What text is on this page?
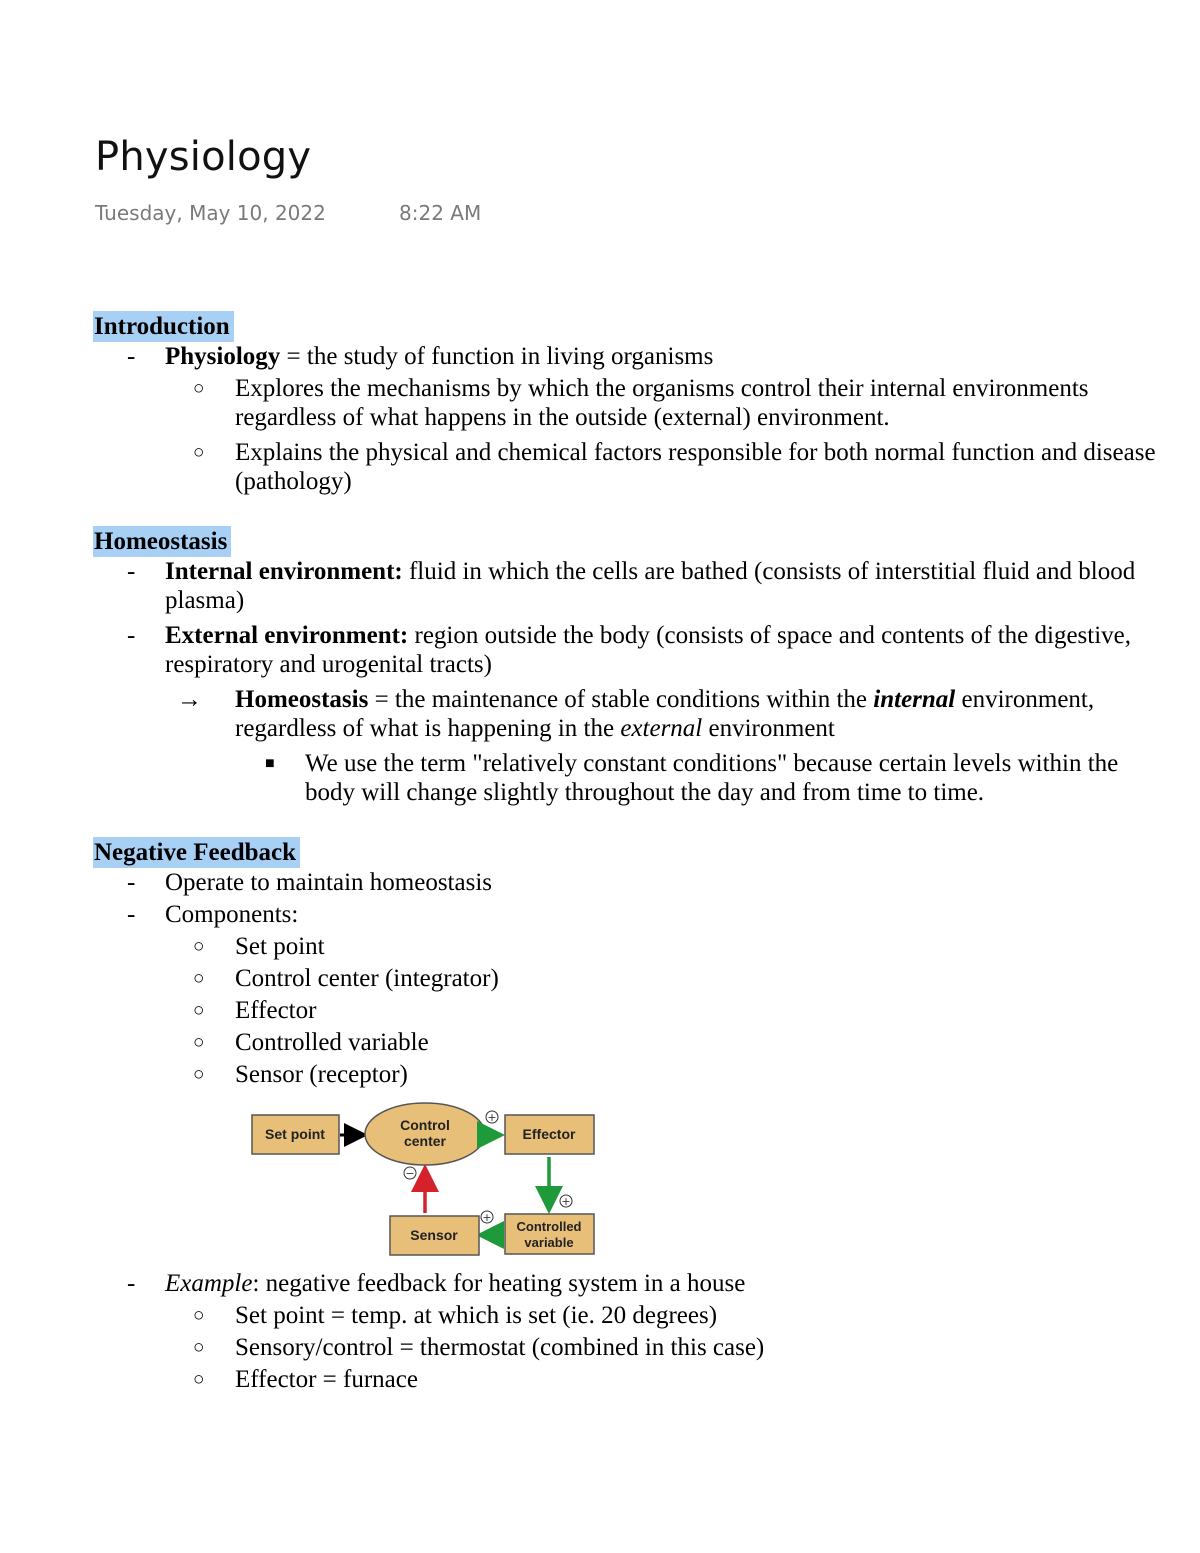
Physiology
Tuesday, May 10, 2022	8:22 AM
Introduction
- Physiology = the study of function in living organisms
○ Explores the mechanisms by which the organisms control their internal environments regardless of what happens in the outside (external) environment.
○ Explains the physical and chemical factors responsible for both normal function and disease (pathology)
Homeostasis
- Internal environment: fluid in which the cells are bathed (consists of interstitial fluid and blood plasma)
- External environment: region outside the body (consists of space and contents of the digestive, respiratory and urogenital tracts)
→ Homeostasis = the maintenance of stable conditions within the internal environment, regardless of what is happening in the external environment
■ We use the term "relatively constant conditions" because certain levels within the body will change slightly throughout the day and from time to time.
Negative Feedback
- Operate to maintain homeostasis
- Components:
○ Set point
○ Control center (integrator)
○ Effector
○ Controlled variable
○ Sensor (receptor)
Set point
Control
center
+
Effector
+
Controlled
variable
+
Sensor
−
- Example: negative feedback for heating system in a house
○ Set point = temp. at which is set (ie. 20 degrees)
○ Sensory/control = thermostat (combined in this case)
○ Effector = furnace
